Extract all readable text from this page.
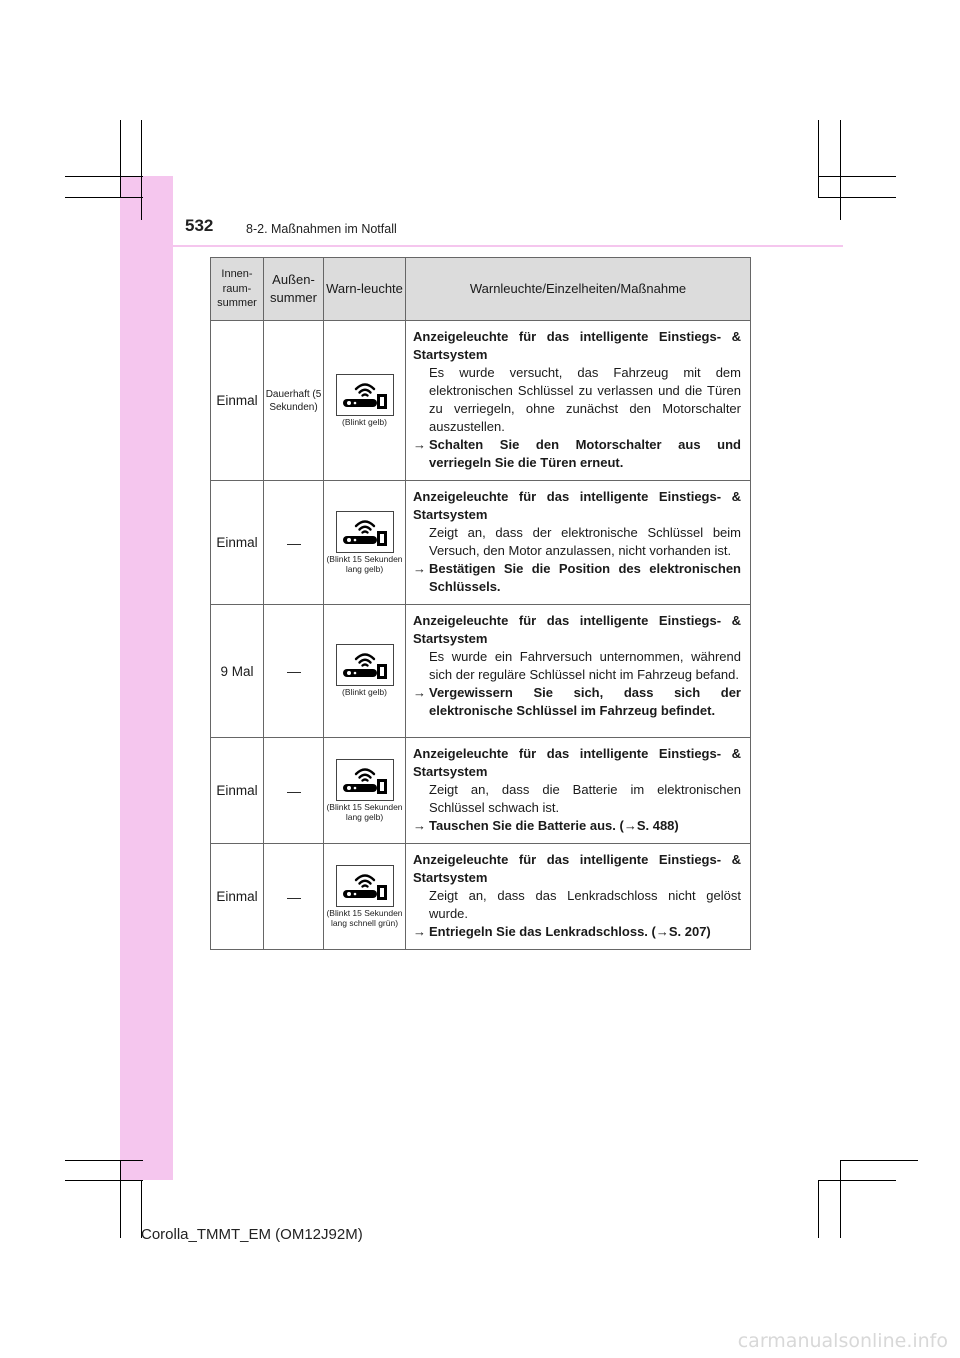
532	8-2. Maßnahmen im Notfall
Innen-raum-summer	Außen-summer	Warn-leuchte	Warnleuchte/Einzelheiten/Maßnahme
Einmal	Dauerhaft (5 Sekunden)	(Blinkt gelb)	Anzeigeleuchte für das intelligente Einstiegs- & Startsystem
Es wurde versucht, das Fahrzeug mit dem elektronischen Schlüssel zu verlassen und die Türen zu verriegeln, ohne zunächst den Motorschalter auszustellen.
→ Schalten Sie den Motorschalter aus und verriegeln Sie die Türen erneut.

Einmal	—	(Blinkt 15 Sekunden lang gelb)	Anzeigeleuchte für das intelligente Einstiegs- & Startsystem
Zeigt an, dass der elektronische Schlüssel beim Versuch, den Motor anzulassen, nicht vorhanden ist.
→ Bestätigen Sie die Position des elektronischen Schlüssels.

9 Mal	—	(Blinkt gelb)	Anzeigeleuchte für das intelligente Einstiegs- & Startsystem
Es wurde ein Fahrversuch unternommen, während sich der reguläre Schlüssel nicht im Fahrzeug befand.
→ Vergewissern Sie sich, dass sich der elektronische Schlüssel im Fahrzeug befindet.

Einmal	—	(Blinkt 15 Sekunden lang gelb)	Anzeigeleuchte für das intelligente Einstiegs- & Startsystem
Zeigt an, dass die Batterie im elektronischen Schlüssel schwach ist.
→ Tauschen Sie die Batterie aus. (→S. 488)

Einmal	—	(Blinkt 15 Sekunden lang schnell grün)	Anzeigeleuchte für das intelligente Einstiegs- & Startsystem
Zeigt an, dass das Lenkradschloss nicht gelöst wurde.
→ Entriegeln Sie das Lenkradschloss. (→S. 207)
Corolla_TMMT_EM (OM12J92M)
carmanualsonline.info
